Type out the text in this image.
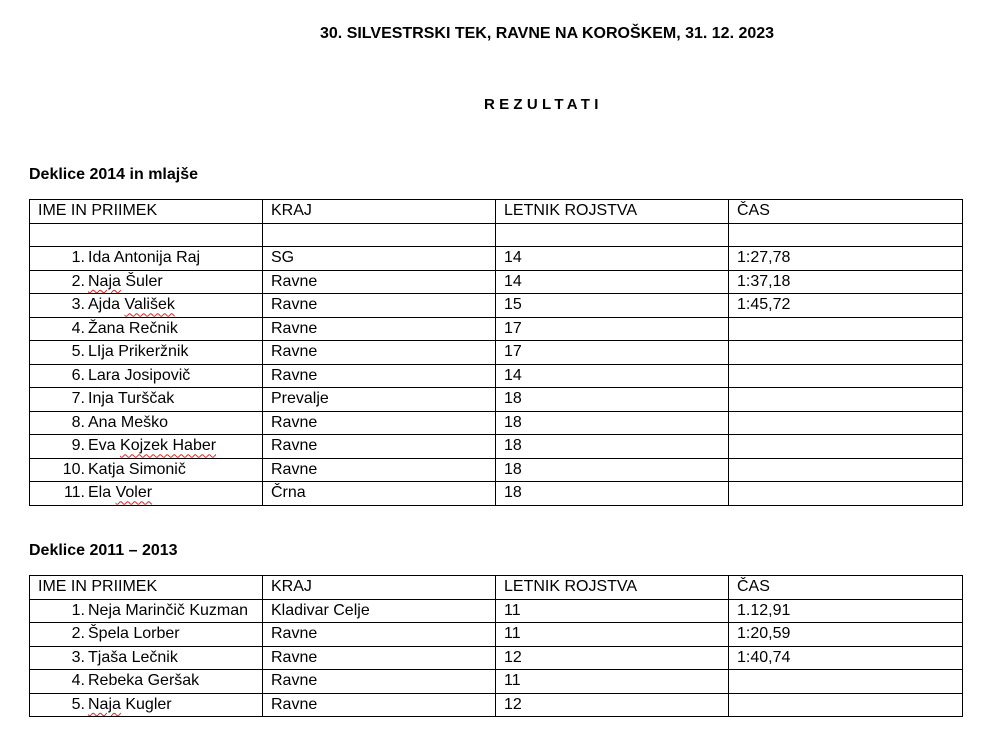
30. SILVESTRSKI TEK, RAVNE NA KOROŠKEM, 31. 12. 2023
REZULTATI
Deklice 2014 in mlajše
IME IN PRIIMEK	KRAJ	LETNIK ROJSTVA	ČAS

1. Ida Antonija Raj	SG	14	1:27,78
2. Naja Šuler	Ravne	14	1:37,18
3. Ajda Vališek	Ravne	15	1:45,72
4. Žana Rečnik	Ravne	17	
5. LIja Prikeržnik	Ravne	17	
6. Lara Josipovič	Ravne	14	
7. Inja Turščak	Prevalje	18	
8. Ana Meško	Ravne	18	
9. Eva Kojzek Haber	Ravne	18	
10. Katja Simonič	Ravne	18	
11. Ela Voler	Črna	18	
Deklice 2011 – 2013
IME IN PRIIMEK	KRAJ	LETNIK ROJSTVA	ČAS
1. Neja Marinčič Kuzman	Kladivar Celje	11	1.12,91
2. Špela Lorber	Ravne	11	1:20,59
3. Tjaša Lečnik	Ravne	12	1:40,74
4. Rebeka Geršak	Ravne	11	
5. Naja Kugler	Ravne	12	
